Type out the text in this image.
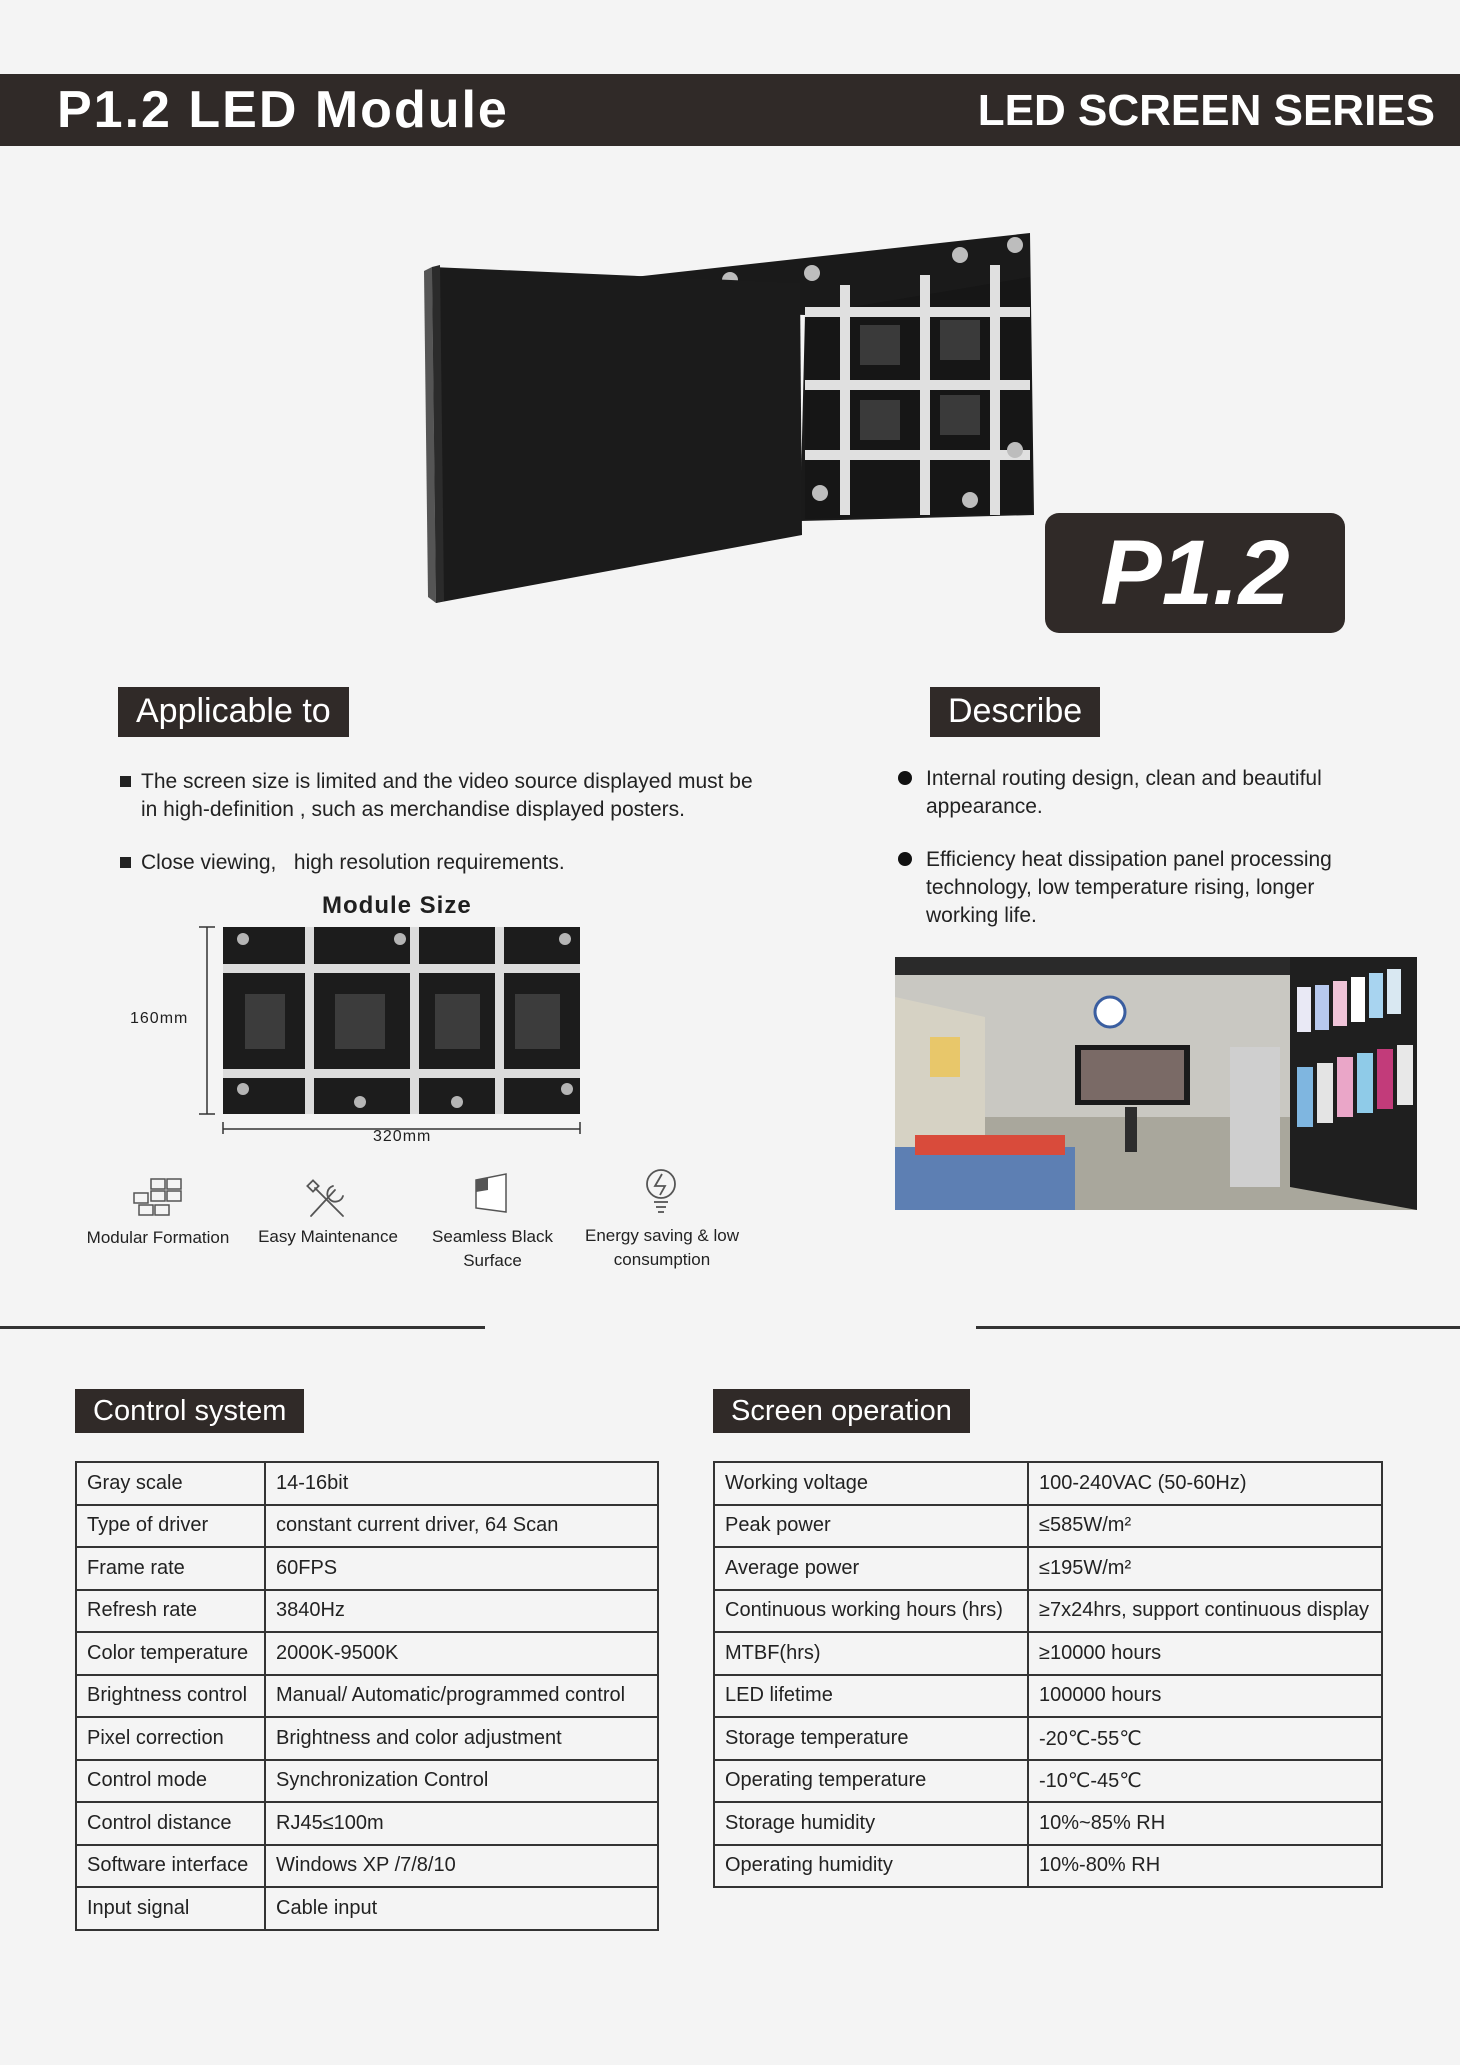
P1.2 LED Module	LED SCREEN SERIES
P1.2
Applicable to
The screen size is limited and the video source displayed must be in high-definition , such as merchandise displayed posters.
Close viewing,   high resolution requirements.
Describe
Internal routing design, clean and beautiful appearance.
Efficiency heat dissipation panel processing technology, low temperature rising, longer working life.
Module Size
160mm
320mm
Modular Formation	Easy Maintenance	Seamless Black Surface
Energy saving & low consumption
Control system
Gray scale	14-16bit
Type of driver	constant current driver, 64 Scan
Frame rate	60FPS
Refresh rate	3840Hz
Color temperature	2000K-9500K
Brightness control	Manual/ Automatic/programmed control
Pixel correction	Brightness and color adjustment
Control mode	Synchronization Control
Control distance	RJ45≤100m
Software interface	Windows XP /7/8/10
Input signal	Cable input
Screen operation
Working voltage	100-240VAC (50-60Hz)
Peak power	≤585W/m²
Average power	≤195W/m²
Continuous working hours (hrs)	≥7x24hrs, support continuous display
MTBF(hrs)	≥10000 hours
LED lifetime	100000 hours
Storage temperature	-20℃-55℃
Operating temperature	-10℃-45℃
Storage humidity	10%~85% RH
Operating humidity	10%-80% RH
